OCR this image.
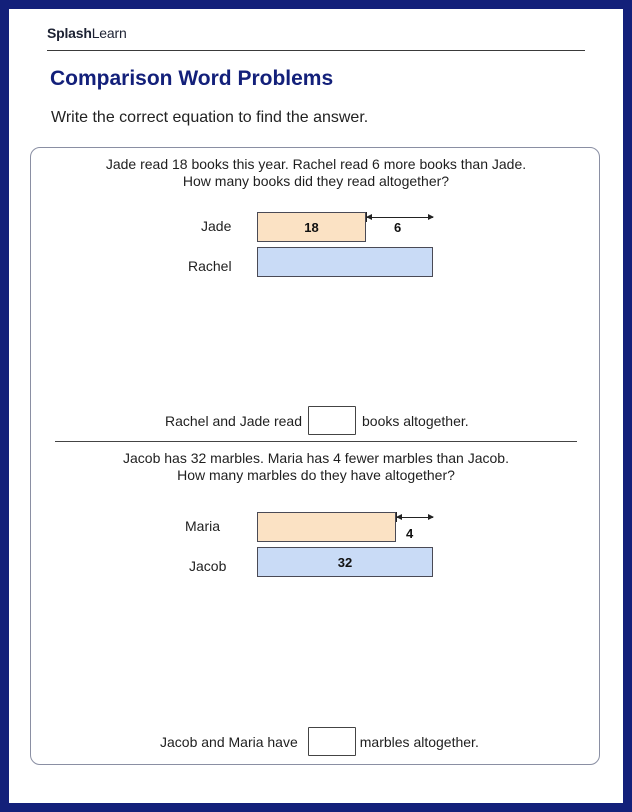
SplashLearn
Comparison Word Problems
Write the correct equation to find the answer.
Jade read 18 books this year. Rachel read 6 more books than Jade.
How many books did they read altogether?
Jade	18	6
Rachel
Rachel and Jade read	books altogether.
Jacob has 32 marbles. Maria has 4 fewer marbles than Jacob.
How many marbles do they have altogether?
Maria	4
Jacob	32
Jacob and Maria have	marbles altogether.
